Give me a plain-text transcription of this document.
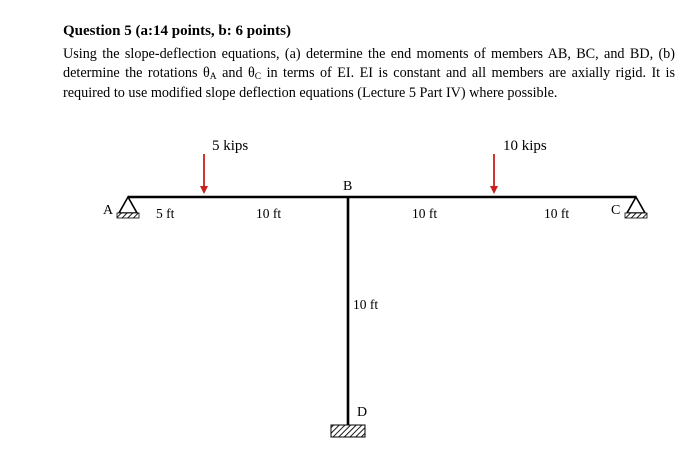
Question 5 (a:14 points, b: 6 points)
Using the slope-deflection equations, (a) determine the end moments of members AB, BC, and BD, (b)
determine the rotations θA and θC in terms of EI. EI is constant and all members are axially rigid. It is
required to use modified slope deflection equations (Lecture 5 Part IV) where possible.
5 kips	10 kips
A
B
C
D
5 ft	10 ft	10 ft	10 ft
10 ft
